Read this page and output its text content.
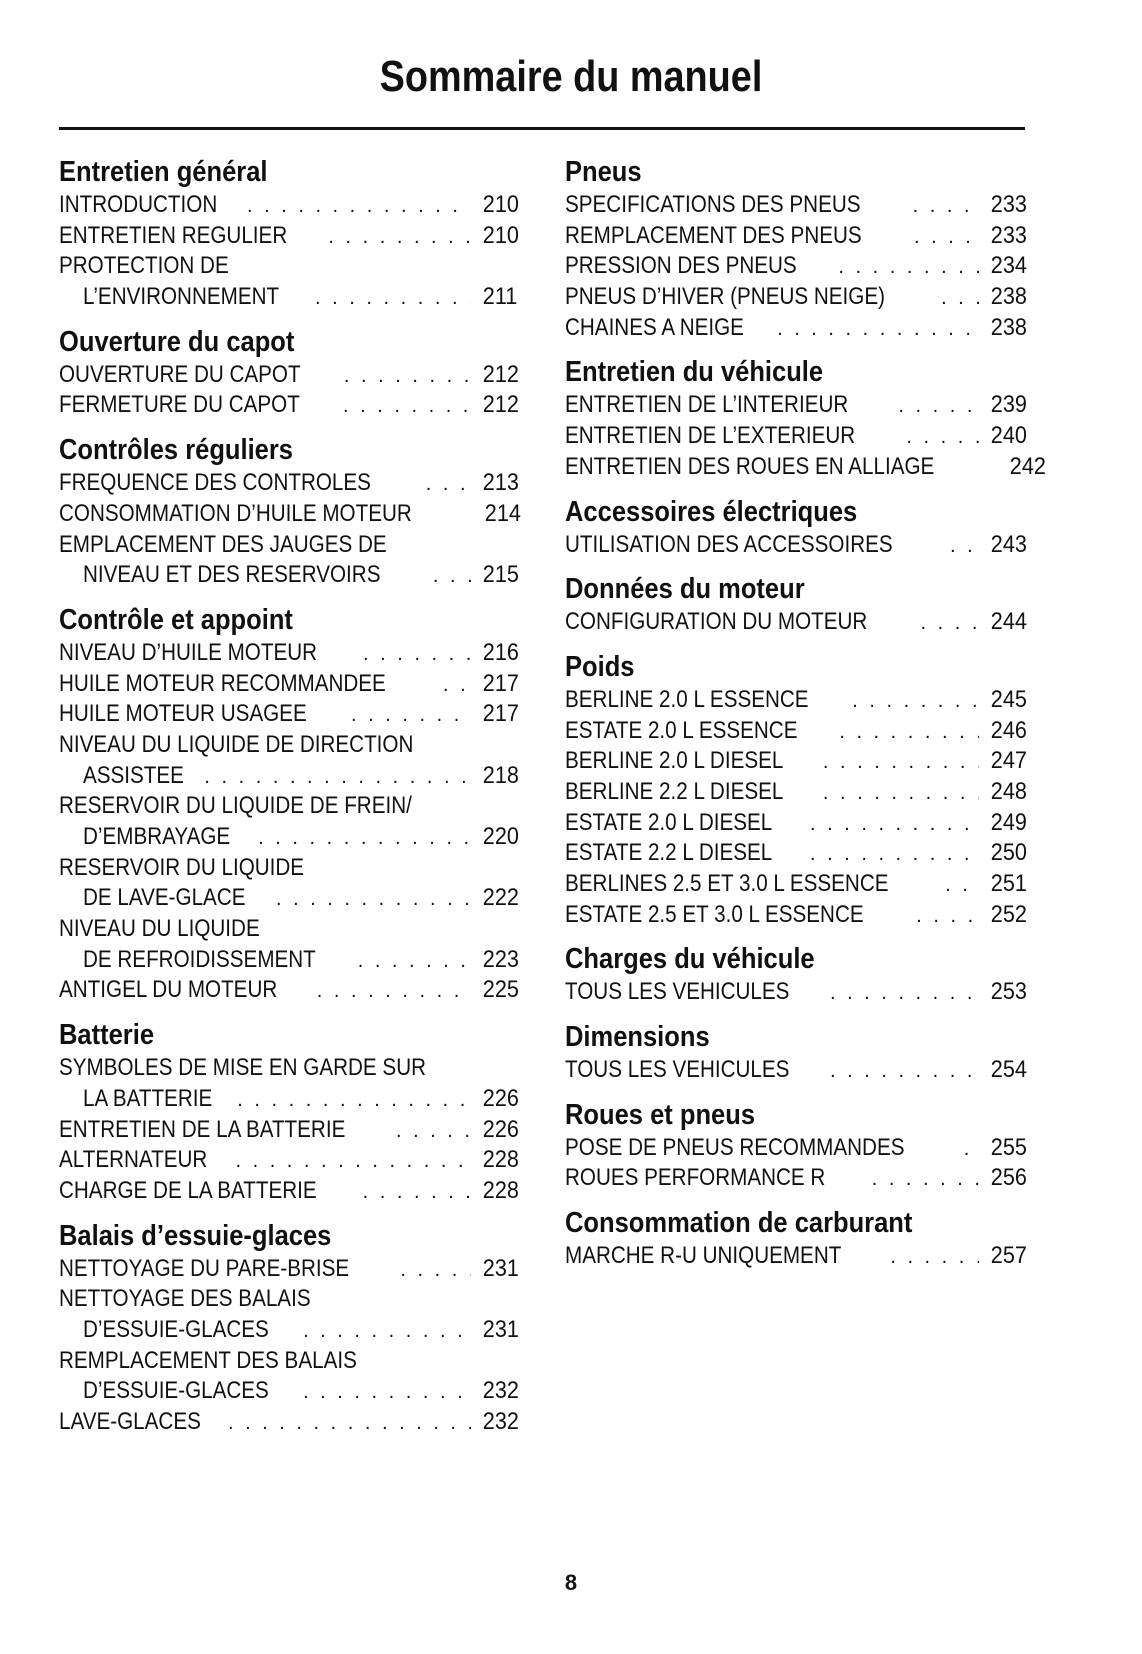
Sommaire du manuel
Entretien général
INTRODUCTION . . .	210
ENTRETIEN REGULIER . . .	210
PROTECTION DE
L’ENVIRONNEMENT . . .	211
Ouverture du capot
OUVERTURE DU CAPOT . . .	212
FERMETURE DU CAPOT . . .	212
Contrôles réguliers
FREQUENCE DES CONTROLES . . .	213
CONSOMMATION D’HUILE MOTEUR	214
EMPLACEMENT DES JAUGES DE
NIVEAU ET DES RESERVOIRS . . .	215
Contrôle et appoint
NIVEAU D’HUILE MOTEUR . . .	216
HUILE MOTEUR RECOMMANDEE . . .	217
HUILE MOTEUR USAGEE . . .	217
NIVEAU DU LIQUIDE DE DIRECTION
ASSISTEE . . .	218
RESERVOIR DU LIQUIDE DE FREIN/
D’EMBRAYAGE . . .	220
RESERVOIR DU LIQUIDE
DE LAVE-GLACE . . .	222
NIVEAU DU LIQUIDE
DE REFROIDISSEMENT . . .	223
ANTIGEL DU MOTEUR . . .	225
Batterie
SYMBOLES DE MISE EN GARDE SUR
LA BATTERIE . . .	226
ENTRETIEN DE LA BATTERIE . . .	226
ALTERNATEUR . . .	228
CHARGE DE LA BATTERIE . . .	228
Balais d’essuie-glaces
NETTOYAGE DU PARE-BRISE . . .	231
NETTOYAGE DES BALAIS
D’ESSUIE-GLACES . . .	231
REMPLACEMENT DES BALAIS
D’ESSUIE-GLACES . . .	232
LAVE-GLACES . . .	232
Pneus
SPECIFICATIONS DES PNEUS . . .	233
REMPLACEMENT DES PNEUS . . .	233
PRESSION DES PNEUS . . .	234
PNEUS D’HIVER (PNEUS NEIGE) . . .	238
CHAINES A NEIGE . . .	238
Entretien du véhicule
ENTRETIEN DE L’INTERIEUR . . .	239
ENTRETIEN DE L’EXTERIEUR . . .	240
ENTRETIEN DES ROUES EN ALLIAGE	242
Accessoires électriques
UTILISATION DES ACCESSOIRES . . .	243
Données du moteur
CONFIGURATION DU MOTEUR . . .	244
Poids
BERLINE 2.0 L ESSENCE . . .	245
ESTATE 2.0 L ESSENCE . . .	246
BERLINE 2.0 L DIESEL . . .	247
BERLINE 2.2 L DIESEL . . .	248
ESTATE 2.0 L DIESEL . . .	249
ESTATE 2.2 L DIESEL . . .	250
BERLINES 2.5 ET 3.0 L ESSENCE . . .	251
ESTATE 2.5 ET 3.0 L ESSENCE . . .	252
Charges du véhicule
TOUS LES VEHICULES . . .	253
Dimensions
TOUS LES VEHICULES . . .	254
Roues et pneus
POSE DE PNEUS RECOMMANDES . . .	255
ROUES PERFORMANCE R . . .	256
Consommation de carburant
MARCHE R-U UNIQUEMENT . . .	257
8
